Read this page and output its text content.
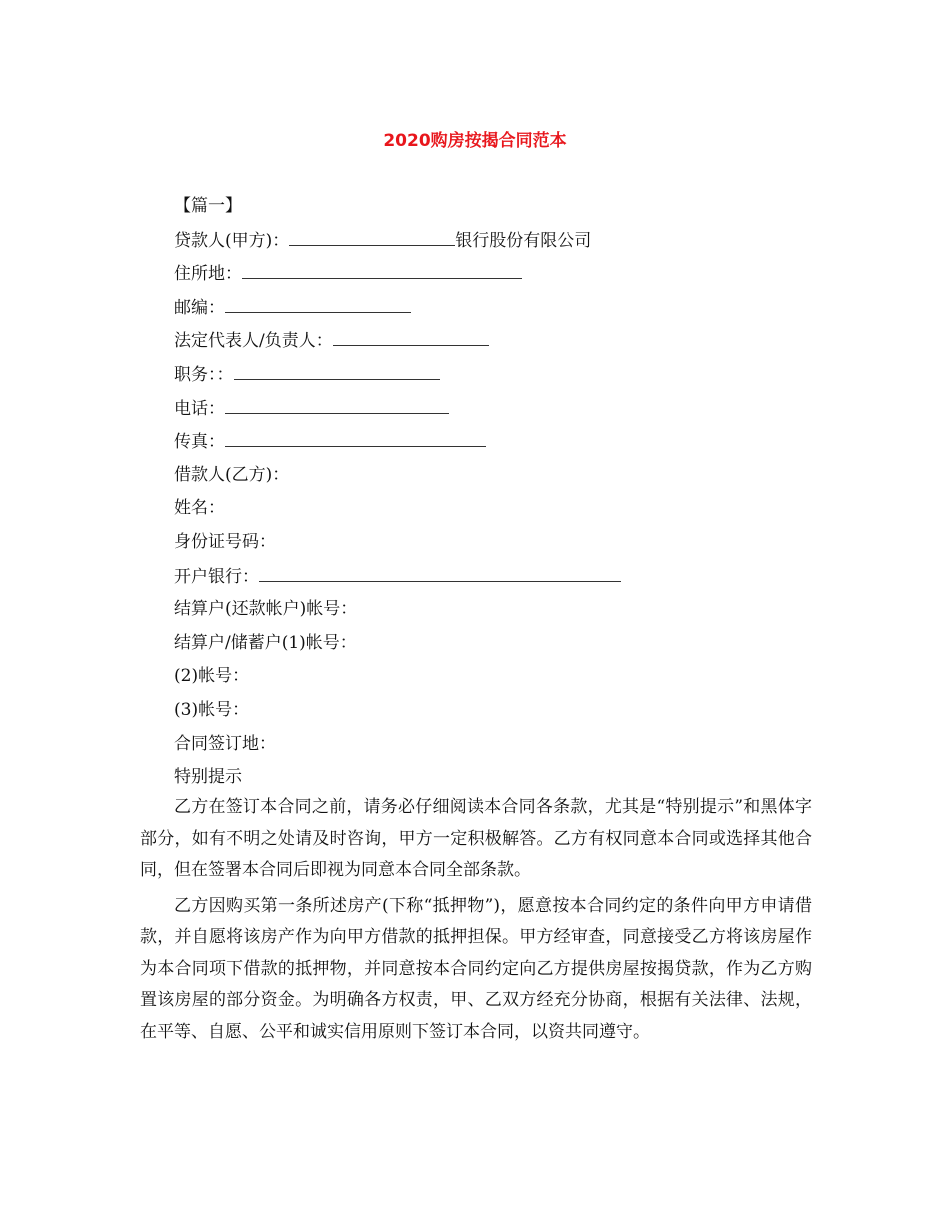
2020购房按揭合同范本
【篇一】
贷款人(甲方)：	银行股份有限公司
住所地：
邮编：
法定代表人/负责人：
职务：：
电话：
传真：
借款人(乙方)：
姓名：
身份证号码：
开户银行：
结算户(还款帐户)帐号：
结算户/储蓄户(1)帐号：
(2)帐号：
(3)帐号：
合同签订地：
特别提示

乙方在签订本合同之前，请务必仔细阅读本合同各条款，尤其是“特别提示”和黑体字部分，如有不明之处请及时咨询，甲方一定积极解答。乙方有权同意本合同或选择其他合同，但在签署本合同后即视为同意本合同全部条款。

乙方因购买第一条所述房产(下称“抵押物”)，愿意按本合同约定的条件向甲方申请借款，并自愿将该房产作为向甲方借款的抵押担保。甲方经审查，同意接受乙方将该房屋作为本合同项下借款的抵押物，并同意按本合同约定向乙方提供房屋按揭贷款，作为乙方购置该房屋的部分资金。为明确各方权责，甲、乙双方经充分协商，根据有关法律、法规，在平等、自愿、公平和诚实信用原则下签订本合同，以资共同遵守。
